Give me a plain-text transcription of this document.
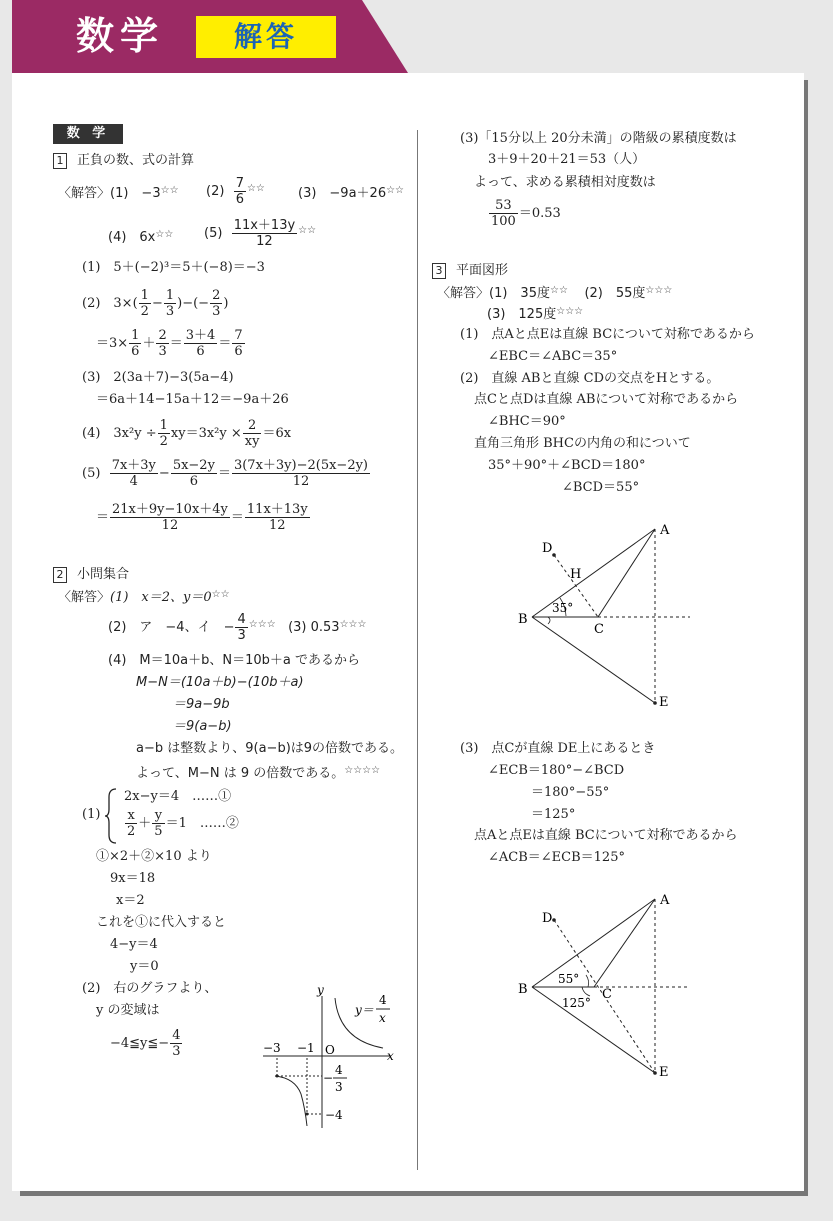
数学	解答
数 学
1 正負の数、式の計算
〈解答〉(1)　−3☆☆ $(2) \frac{7}{6} ^{☆☆}$	(3)　−9a＋26☆☆
(4)　6x☆☆ $(5) \frac{11x+13y}{12} ^{☆☆}$
(1)　5＋(−2)³＝5＋(−8)＝−3
(2)　$3\times( \frac{1}{2} - \frac{1}{3}$ )−(− $\frac{2}{3}$ )
$=3\times \frac{1}{6} + \frac{2}{3} = \frac{3+4}{6} = \frac{7}{6}$
(3)　2(3a＋7)−3(5a−4)
＝6a＋14−15a＋12＝−9a＋26
(4)　$3x^2y \div \frac{1}{2} xy=3x^2y \times \frac{2}{xy} =6x$
$(5) \frac{7x+3y}{4} - \frac{5x-2y}{6} = \frac{3(7x+3y)-2(5x-2y)}{12}$
＝ $\frac{21x+9y-10x+4y}{12} = \frac{11x+13y}{12}$
2 小問集合
〈解答〉(1)　x＝2、y＝0☆☆
(2)　ア　−4、イ　− $\frac{4}{3} ^{☆☆☆}$ (3) 0.53☆☆☆
(4)　M＝10a＋b、N＝10b＋a であるから
M−N＝(10a＋b)−(10b＋a)
＝9a−9b
＝9(a−b)
a−b は整数より、9(a−b)は9の倍数である。
よって、M−N は 9 の倍数である。☆☆☆☆
(1)
2x−y＝4　……①
$\frac{x}{2} + \frac{y}{5} =1$　……②
①×2＋②×10 より
9x＝18
x＝2
これを①に代入すると
4−y＝4
y＝0
(2)　右のグラフより、
y の変域は
−4≦y≦− $\frac{4}{3}$
y
x
O
−3 −1
−
4
3
−4
y＝
4
x
(3)「15分以上 20分未満」の階級の累積度数は
3＋9＋20＋21＝53（人）
よって、求める累積相対度数は
$\frac{53}{100} =0.53$
3 平面図形
〈解答〉(1)　35度☆☆ (2)　55度☆☆☆
(3)　125度☆☆☆
(1)　点Aと点Eは直線 BCについて対称であるから
∠EBC＝∠ABC＝35°
(2)　直線 ABと直線 CDの交点をHとする。
点Cと点Dは直線 ABについて対称であるから
∠BHC＝90°
直角三角形 BHCの内角の和について
35°＋90°＋∠BCD＝180°
∠BCD＝55°
A
B
C
D
E
H
35°
(3)　点Cが直線 DE上にあるとき
∠ECB＝180°−∠BCD
＝180°−55°
＝125°
点Aと点Eは直線 BCについて対称であるから
∠ACB＝∠ECB＝125°
A
B	C
D
E
55°
125°
